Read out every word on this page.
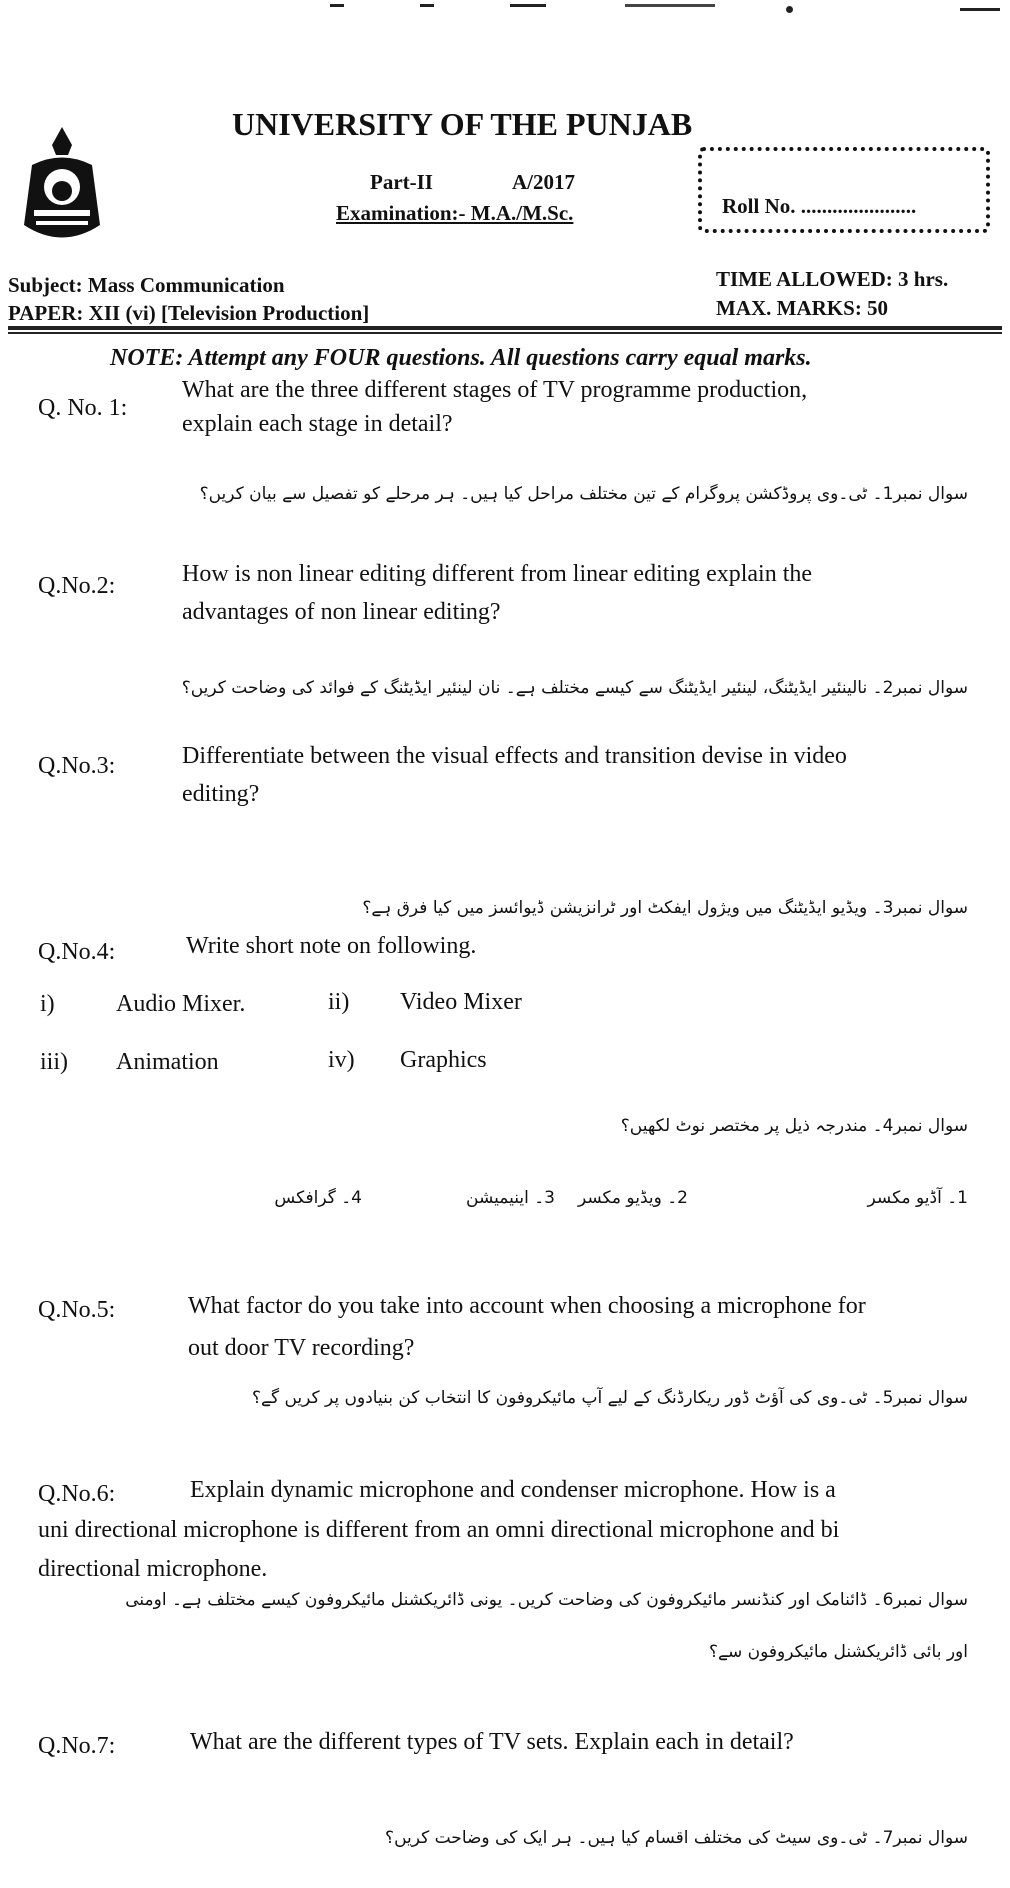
UNIVERSITY OF THE PUNJAB
Part-II	A/2017
Examination:- M.A./M.Sc.	Roll No. ......................
Subject: Mass Communication
PAPER: XII (vi) [Television Production]
TIME ALLOWED: 3 hrs.
MAX. MARKS: 50
NOTE: Attempt any FOUR questions. All questions carry equal marks.
Q. No. 1:
What are the three different stages of TV programme production,
explain each stage in detail?
سوال نمبر1۔ ٹی۔وی پروڈکشن پروگرام کے تین مختلف مراحل کیا ہیں۔ ہر مرحلے کو تفصیل سے بیان کریں؟
Q.No.2:	How is non linear editing different from linear editing explain the
advantages of non linear editing?
سوال نمبر2۔ نالینئیر ایڈیٹنگ، لینئیر ایڈیٹنگ سے کیسے مختلف ہے۔ نان لینئیر ایڈیٹنگ کے فوائد کی وضاحت کریں؟
Q.No.3:	Differentiate between the visual effects and transition devise in video
editing?
سوال نمبر3۔ ویڈیو ایڈیٹنگ میں ویژول ایفکٹ اور ٹرانزیشن ڈیوائسز میں کیا فرق ہے؟
Q.No.4:	Write short note on following.
i)	Audio Mixer.	ii) Video Mixer
iii) Animation	iv) Graphics
سوال نمبر4۔ مندرجہ ذیل پر مختصر نوٹ لکھیں؟
1۔ آڈیو مکسر
2۔ ویڈیو مکسر
3۔ اینیمیشن
4۔ گرافکس
Q.No.5:	What factor do you take into account when choosing a microphone for
out door TV recording?
سوال نمبر5۔ ٹی۔وی کی آؤٹ ڈور ریکارڈنگ کے لیے آپ مائیکروفون کا انتخاب کن بنیادوں پر کریں گے؟
Q.No.6:	Explain dynamic microphone and condenser microphone. How is a
uni directional microphone is different from an omni directional microphone and bi
directional microphone.
سوال نمبر6۔ ڈائنامک اور کنڈنسر مائیکروفون کی وضاحت کریں۔ یونی ڈائریکشنل مائیکروفون کیسے مختلف ہے۔ اومنی
اور بائی ڈائریکشنل مائیکروفون سے؟
Q.No.7:	What are the different types of TV sets. Explain each in detail?
سوال نمبر7۔ ٹی۔وی سیٹ کی مختلف اقسام کیا ہیں۔ ہر ایک کی وضاحت کریں؟
